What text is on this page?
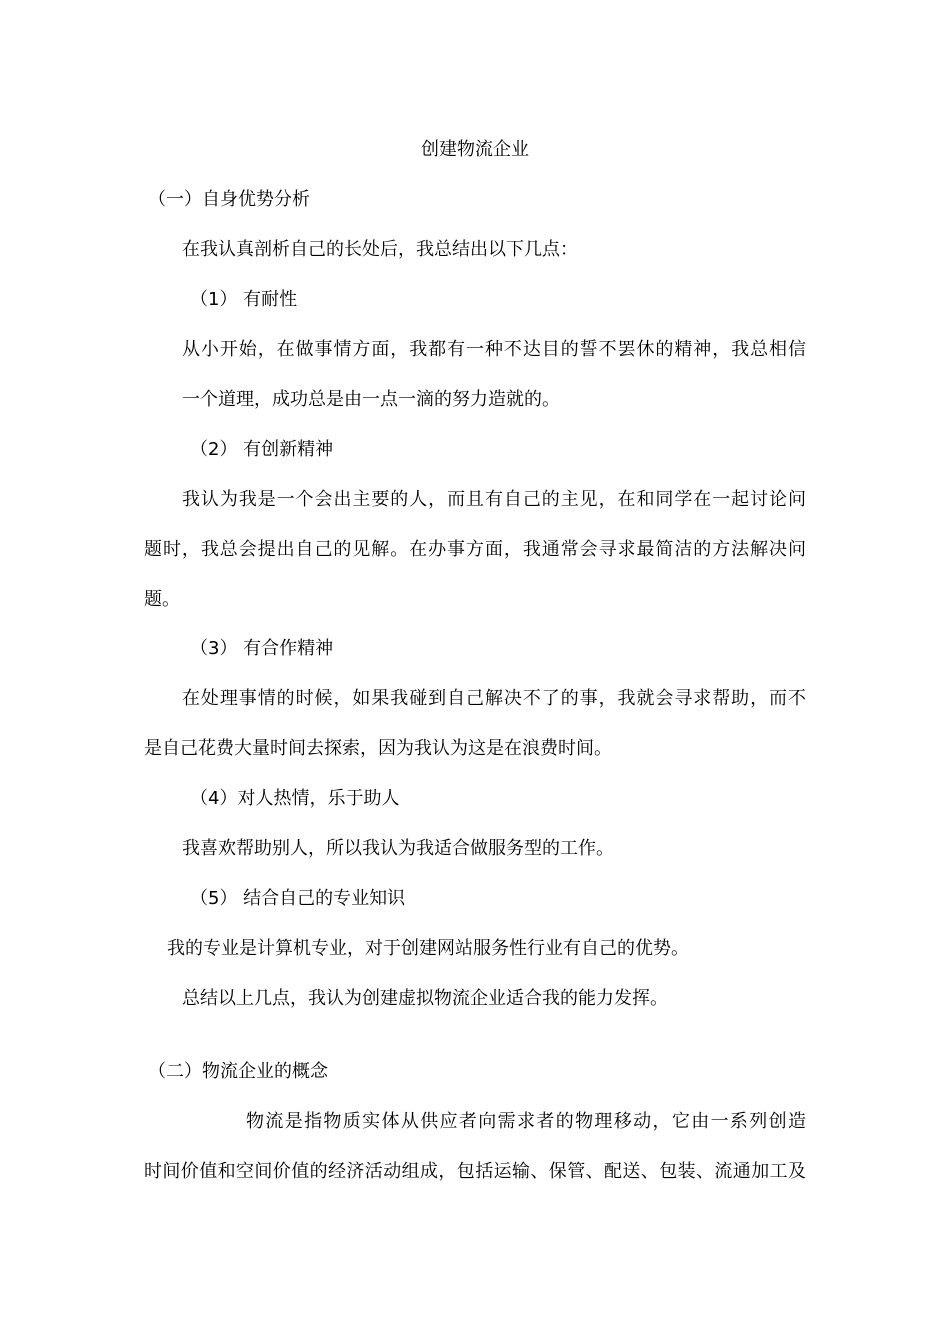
创建物流企业
（一）自身优势分析
在我认真剖析自己的长处后，我总结出以下几点：
（1） 有耐性
从小开始，在做事情方面，我都有一种不达目的誓不罢休的精神，我总相信
一个道理，成功总是由一点一滴的努力造就的。
（2） 有创新精神
我认为我是一个会出主要的人，而且有自己的主见，在和同学在一起讨论问
题时，我总会提出自己的见解。在办事方面，我通常会寻求最简洁的方法解决问
题。
（3） 有合作精神
在处理事情的时候，如果我碰到自己解决不了的事，我就会寻求帮助，而不
是自己花费大量时间去探索，因为我认为这是在浪费时间。
（4）对人热情，乐于助人
我喜欢帮助别人，所以我认为我适合做服务型的工作。
（5） 结合自己的专业知识
我的专业是计算机专业，对于创建网站服务性行业有自己的优势。
总结以上几点，我认为创建虚拟物流企业适合我的能力发挥。
（二）物流企业的概念
物流是指物质实体从供应者向需求者的物理移动，它由一系列创造
时间价值和空间价值的经济活动组成，包括运输、保管、配送、包装、流通加工及
